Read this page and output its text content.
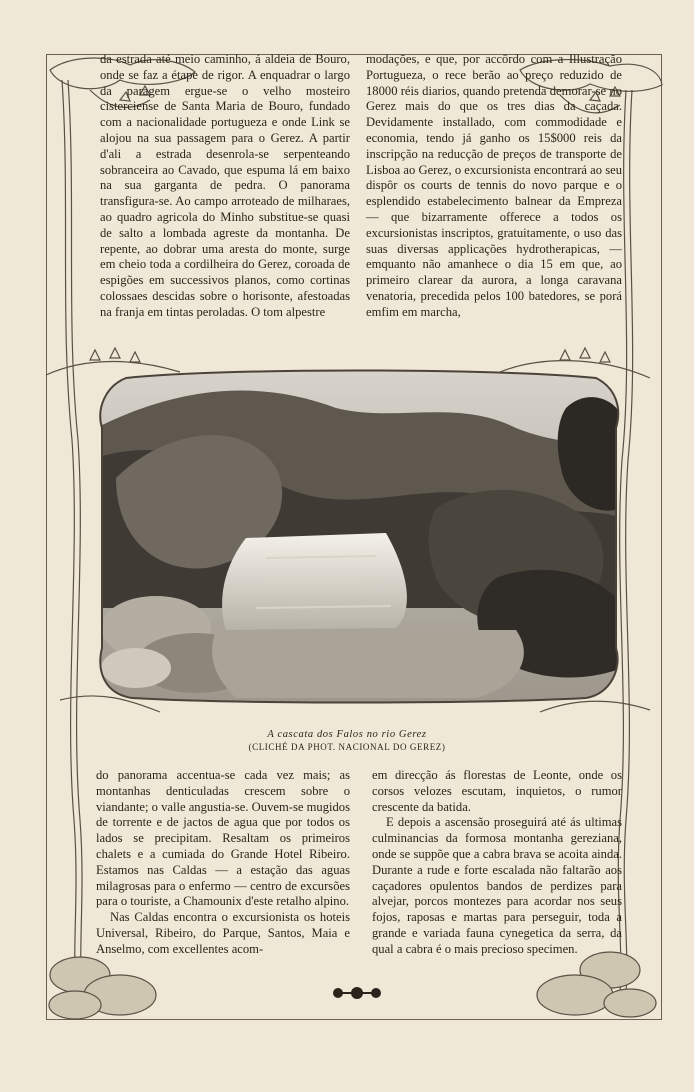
da estrada até meio caminho, á aldeia de Bouro, onde se faz a étape de rigor. A enquadrar o largo da paragem ergue-se o velho mosteiro cisterciense de Santa Maria de Bouro, fundado com a nacionalidade portugueza e onde Link se alojou na sua passagem para o Gerez. A partir d'ali a estrada desenrola-se serpenteando sobranceira ao Cavado, que espuma lá em baixo na sua garganta de pedra. O panorama transfigura-se. Ao campo arroteado de milharaes, ao quadro agricola do Minho substitue-se quasi de salto a lombada agreste da montanha. De repente, ao dobrar uma aresta do monte, surge em cheio toda a cordilheira do Gerez, coroada de espigões em successivos planos, como cortinas colossaes descidas sobre o horisonte, afestoadas na franja em tintas peroladas. O tom alpestre

modações, e que, por accôrdo com a Illustração Portugueza, o rece berão ao preço reduzido de 18000 réis diarios, quando pretenda demorar-se no Gerez mais do que os tres dias da caçada. Devidamente installado, com commodidade e economia, tendo já ganho os 15$000 reis da inscripção na reducção de preços de transporte de Lisboa ao Gerez, o excursionista encontrará ao seu dispôr os courts de tennis do novo parque e o esplendido estabelecimento balnear da Empreza — que bizarramente offerece a todos os excursionistas inscriptos, gratuitamente, o uso das suas diversas applicações hydrotherapicas, — emquanto não amanhece o dia 15 em que, ao primeiro clarear da aurora, a longa caravana venatoria, precedida pelos 100 batedores, se porá emfim em marcha,

A cascata dos Falos no rio Gerez
(CLICHÉ DA PHOT. NACIONAL DO GEREZ)

do panorama accentua-se cada vez mais; as montanhas denticuladas crescem sobre o viandante; o valle angustia-se. Ouvem-se mugidos de torrente e de jactos de agua que por todos os lados se precipitam. Resaltam os primeiros chalets e a cumiada do Grande Hotel Ribeiro. Estamos nas Caldas — a estação das aguas milagrosas para o enfermo — centro de excursões para o touriste, a Chamounix d'este retalho alpino.

Nas Caldas encontra o excursionista os hoteis Universal, Ribeiro, do Parque, Santos, Maia e Anselmo, com excellentes acom-

em direcção ás florestas de Leonte, onde os corsos velozes escutam, inquietos, o rumor crescente da batida.

E depois a ascensão proseguirá até ás ultimas culminancias da formosa montanha gereziana, onde se suppõe que a cabra brava se acoita ainda. Durante a rude e forte escalada não faltarão aos caçadores opulentos bandos de perdizes para alvejar, porcos montezes para acordar nos seus fojos, raposas e martas para perseguir, toda a grande e variada fauna cynegetica da serra, da qual a cabra é o mais precioso specimen.
